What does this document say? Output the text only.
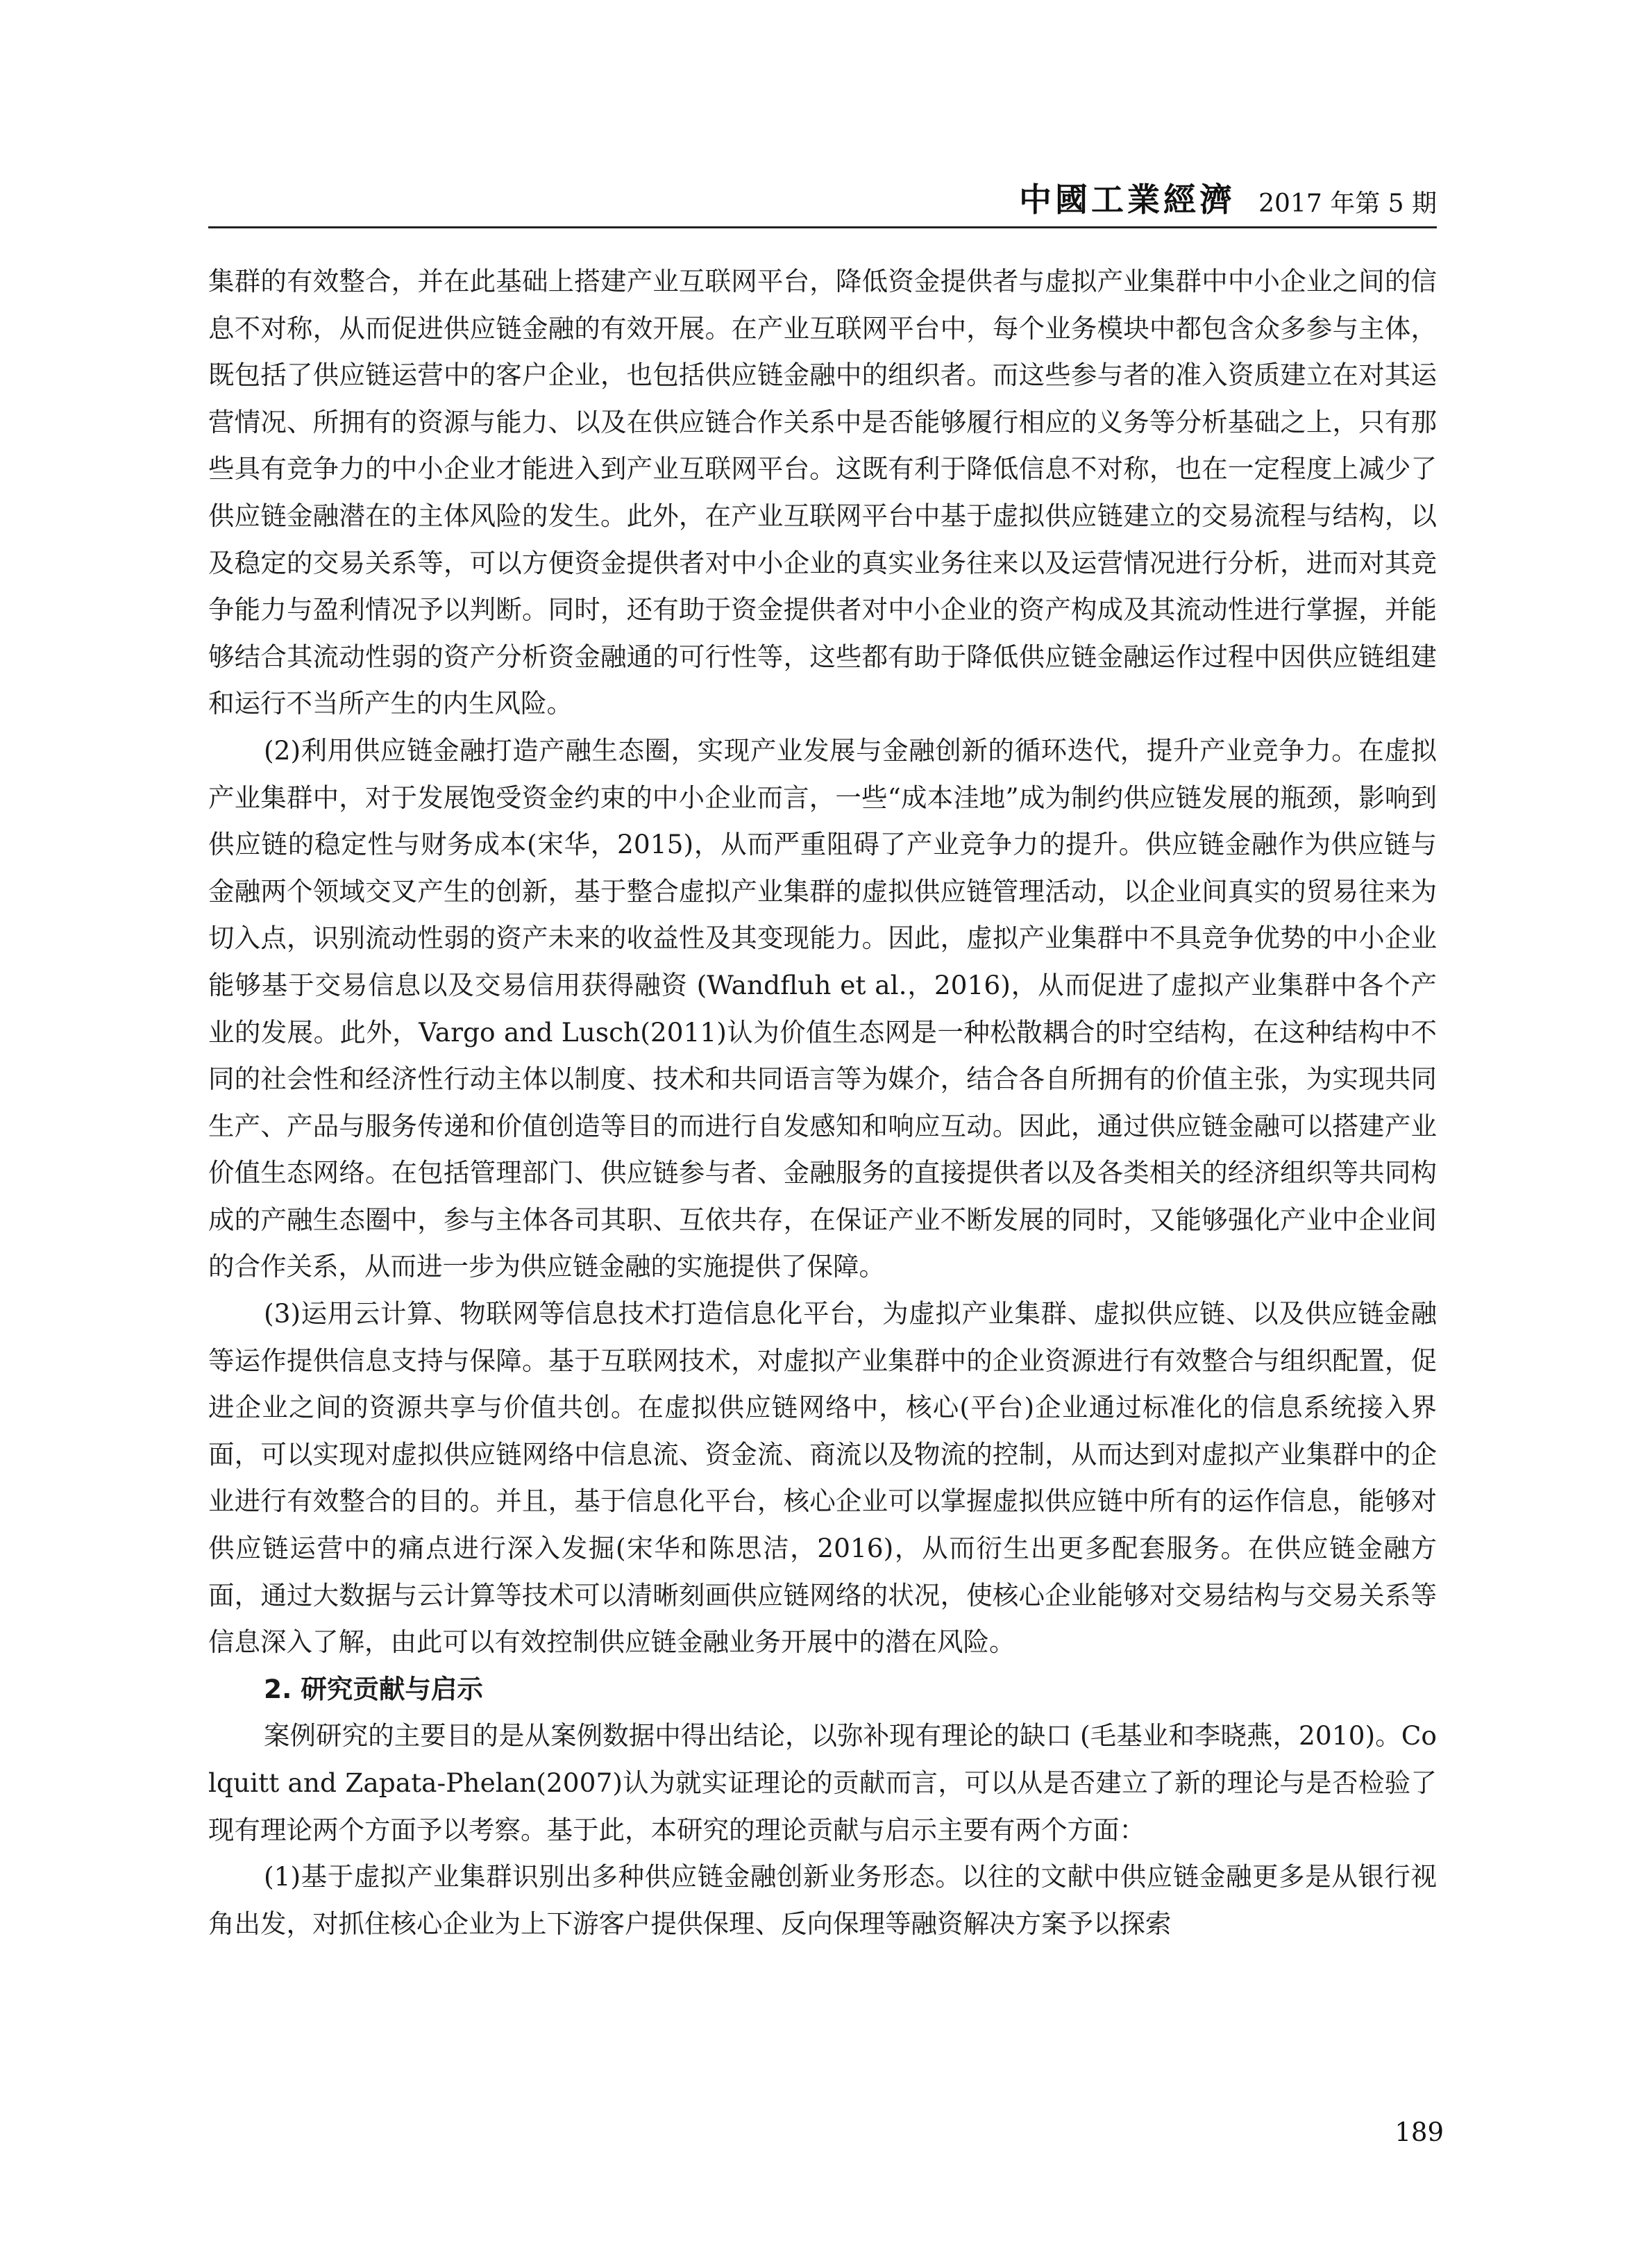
中國工業經濟 2017 年第 5 期

集群的有效整合，并在此基础上搭建产业互联网平台，降低资金提供者与虚拟产业集群中中小企业之间的信息不对称，从而促进供应链金融的有效开展。在产业互联网平台中，每个业务模块中都包含众多参与主体，既包括了供应链运营中的客户企业，也包括供应链金融中的组织者。而这些参与者的准入资质建立在对其运营情况、所拥有的资源与能力、以及在供应链合作关系中是否能够履行相应的义务等分析基础之上，只有那些具有竞争力的中小企业才能进入到产业互联网平台。这既有利于降低信息不对称，也在一定程度上减少了供应链金融潜在的主体风险的发生。此外，在产业互联网平台中基于虚拟供应链建立的交易流程与结构，以及稳定的交易关系等，可以方便资金提供者对中小企业的真实业务往来以及运营情况进行分析，进而对其竞争能力与盈利情况予以判断。同时，还有助于资金提供者对中小企业的资产构成及其流动性进行掌握，并能够结合其流动性弱的资产分析资金融通的可行性等，这些都有助于降低供应链金融运作过程中因供应链组建和运行不当所产生的内生风险。

(2)利用供应链金融打造产融生态圈，实现产业发展与金融创新的循环迭代，提升产业竞争力。在虚拟产业集群中，对于发展饱受资金约束的中小企业而言，一些“成本洼地”成为制约供应链发展的瓶颈，影响到供应链的稳定性与财务成本(宋华，2015)，从而严重阻碍了产业竞争力的提升。供应链金融作为供应链与金融两个领域交叉产生的创新，基于整合虚拟产业集群的虚拟供应链管理活动，以企业间真实的贸易往来为切入点，识别流动性弱的资产未来的收益性及其变现能力。因此，虚拟产业集群中不具竞争优势的中小企业能够基于交易信息以及交易信用获得融资 (Wandfluh et al.，2016)，从而促进了虚拟产业集群中各个产业的发展。此外，Vargo and Lusch(2011)认为价值生态网是一种松散耦合的时空结构，在这种结构中不同的社会性和经济性行动主体以制度、技术和共同语言等为媒介，结合各自所拥有的价值主张，为实现共同生产、产品与服务传递和价值创造等目的而进行自发感知和响应互动。因此，通过供应链金融可以搭建产业价值生态网络。在包括管理部门、供应链参与者、金融服务的直接提供者以及各类相关的经济组织等共同构成的产融生态圈中，参与主体各司其职、互依共存，在保证产业不断发展的同时，又能够强化产业中企业间的合作关系，从而进一步为供应链金融的实施提供了保障。

(3)运用云计算、物联网等信息技术打造信息化平台，为虚拟产业集群、虚拟供应链、以及供应链金融等运作提供信息支持与保障。基于互联网技术，对虚拟产业集群中的企业资源进行有效整合与组织配置，促进企业之间的资源共享与价值共创。在虚拟供应链网络中，核心(平台)企业通过标准化的信息系统接入界面，可以实现对虚拟供应链网络中信息流、资金流、商流以及物流的控制，从而达到对虚拟产业集群中的企业进行有效整合的目的。并且，基于信息化平台，核心企业可以掌握虚拟供应链中所有的运作信息，能够对供应链运营中的痛点进行深入发掘(宋华和陈思洁，2016)，从而衍生出更多配套服务。在供应链金融方面，通过大数据与云计算等技术可以清晰刻画供应链网络的状况，使核心企业能够对交易结构与交易关系等信息深入了解，由此可以有效控制供应链金融业务开展中的潜在风险。

2. 研究贡献与启示

案例研究的主要目的是从案例数据中得出结论，以弥补现有理论的缺口 (毛基业和李晓燕，2010)。Colquitt and Zapata-Phelan(2007)认为就实证理论的贡献而言，可以从是否建立了新的理论与是否检验了现有理论两个方面予以考察。基于此，本研究的理论贡献与启示主要有两个方面：

(1)基于虚拟产业集群识别出多种供应链金融创新业务形态。以往的文献中供应链金融更多是从银行视角出发，对抓住核心企业为上下游客户提供保理、反向保理等融资解决方案予以探索

189
